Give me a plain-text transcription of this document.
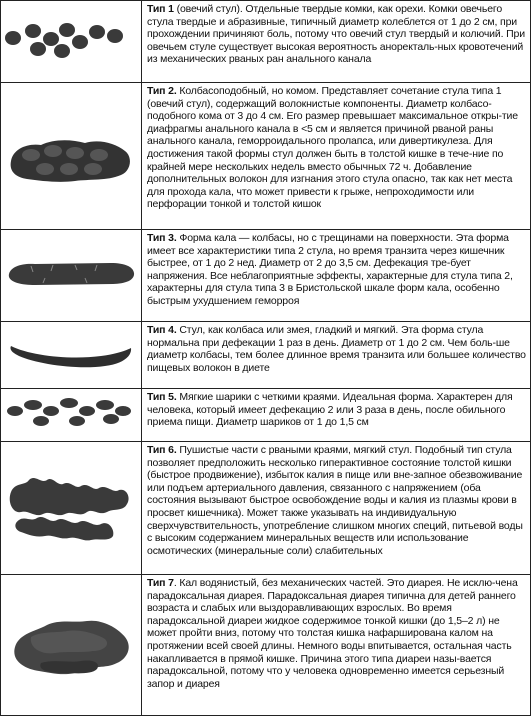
Тип 1 (овечий стул). Отдельные твердые комки, как орехи. Комки овечьего стула твердые и абразивные, типичный диаметр колеблется от 1 до 2 см, при прохождении причиняют боль, потому что овечий стул твердый и колючий. При овечьем стуле существует высокая вероятность аноректаль-ных кровотечений из механических рваных ран анального канала
Тип 2. Колбасоподобный, но комом. Представляет сочетание стула типа 1 (овечий стул), содержащий волокнистые компоненты. Диаметр колбасо-подобного кома от 3 до 4 см. Его размер превышает максимальное откры-тие диафрагмы анального канала в <5 см и является причиной рваной раны анального канала, геморроидального пролапса, или дивертикулеза. Для достижения такой формы стул должен быть в толстой кишке в тече-ние по крайней мере нескольких недель вместо обычных 72 ч. Добавление дополнительных волокон для изгнания этого стула опасно, так как нет места для прохода кала, что может привести к грыже, непроходимости или перфорации тонкой и толстой кишок
Тип 3. Форма кала — колбасы, но с трещинами на поверхности. Эта форма имеет все характеристики типа 2 стула, но время транзита через кишечник быстрее, от 1 до 2 нед. Диаметр от 2 до 3,5 см. Дефекация тре-бует напряжения. Все неблагоприятные эффекты, характерные для стула типа 2, характерны для стула типа 3 в Бристольской шкале форм кала, особенно быстрым ухудшением геморроя
Тип 4. Стул, как колбаса или змея, гладкий и мягкий. Эта форма стула нормальна при дефекации 1 раз в день. Диаметр от 1 до 2 см. Чем боль-ше диаметр колбасы, тем более длинное время транзита или большее количество пищевых волокон в диете
Тип 5. Мягкие шарики с четкими краями. Идеальная форма. Характерен для человека, который имеет дефекацию 2 или 3 раза в день, после обильного приема пищи. Диаметр шариков от 1 до 1,5 см
Тип 6. Пушистые части с рваными краями, мягкий стул. Подобный тип стула позволяет предположить несколько гиперактивное состояние толстой кишки (быстрое продвижение), избыток калия в пище или вне-запное обезвоживание или подъем артериального давления, связанного с напряжением (оба состояния вызывают быстрое освобождение воды и калия из плазмы крови в просвет кишечника). Может также указывать на индивидуальную сверхчувствительность, употребление слишком многих специй, питьевой воды с высоким содержанием минеральных веществ или использование осмотических (минеральные соли) слабительных
Тип 7. Кал водянистый, без механических частей. Это диарея. Не исклю-чена парадоксальная диарея. Парадоксальная диарея типична для детей раннего возраста и слабых или выздоравливающих взрослых. Во время парадоксальной диареи жидкое содержимое тонкой кишки (до 1,5–2 л) не может пройти вниз, потому что толстая кишка нафарширована калом на протяжении всей своей длины. Немного воды впитывается, остальная часть накапливается в прямой кишке. Причина этого типа диареи назы-вается парадоксальной, потому что у человека одновременно имеется серьезный запор и диарея
